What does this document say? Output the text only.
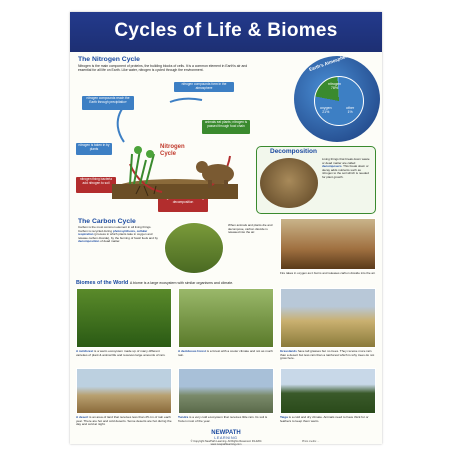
Cycles of Life & Biomes
The Nitrogen Cycle
Nitrogen is the main component of proteins, the building blocks of cells. It is a common element in Earth's air and essential for all life on Earth. Like water, nitrogen is cycled through the environment.
nitrogen compounds reach the Earth through precipitation
nitrogen compounds form in the atmosphere
nitrogen is taken in by plants
animals eat plants; nitrogen is passed through food chain
nitrogen fixing bacteria add nitrogen to soil
decomposition
Nitrogen Cycle
Earth's Atmosphere
nitrogen
78%
oxygen
21%
other
1%
Decomposition
Living things that break down waste or dead matter are called decomposers. This break down or decay adds nutrients such as nitrogen to the soil which is needed for plant growth.
The Carbon Cycle
Carbon is the most common element in all living things. Carbon is recycled during photosynthesis, cellular respiration (process in which plants take in oxygen and release carbon dioxide), by the burning of fossil fuels and by decomposition of dead matter.
When animals and plants die and decompose, carbon dioxide is released into the air.
Fire takes in oxygen as it burns and releases carbon dioxide into the air.
Biomes of the World A biome is a large ecosystem with similar organisms and climate.
A rainforest is a warm ecosystem made up of many different varieties of plant & animal life and receives large amounts of rain.
A deciduous forest is a forest with a cooler climate and not as much rain.
Grasslands have tall grasses but no trees. They receive more rain than a desert but less rain than a rainforest which is why trees do not grow here.
A desert is an area of land that receives less than 25 cm of rain each year. There are hot and cold deserts. Some deserts are hot during the day and cold at night.
Tundra is a very cold ecosystem that receives little rain. Its soil is frozen most of the year.
Taiga is a cold and dry climate. Animals need to have thick fur or feathers to keep them warm.
NEWPATH
LEARNING
© Copyright NewPath Learning. All Rights Reserved. 93-4204
www.newpathlearning.com
Photo credits: ...
